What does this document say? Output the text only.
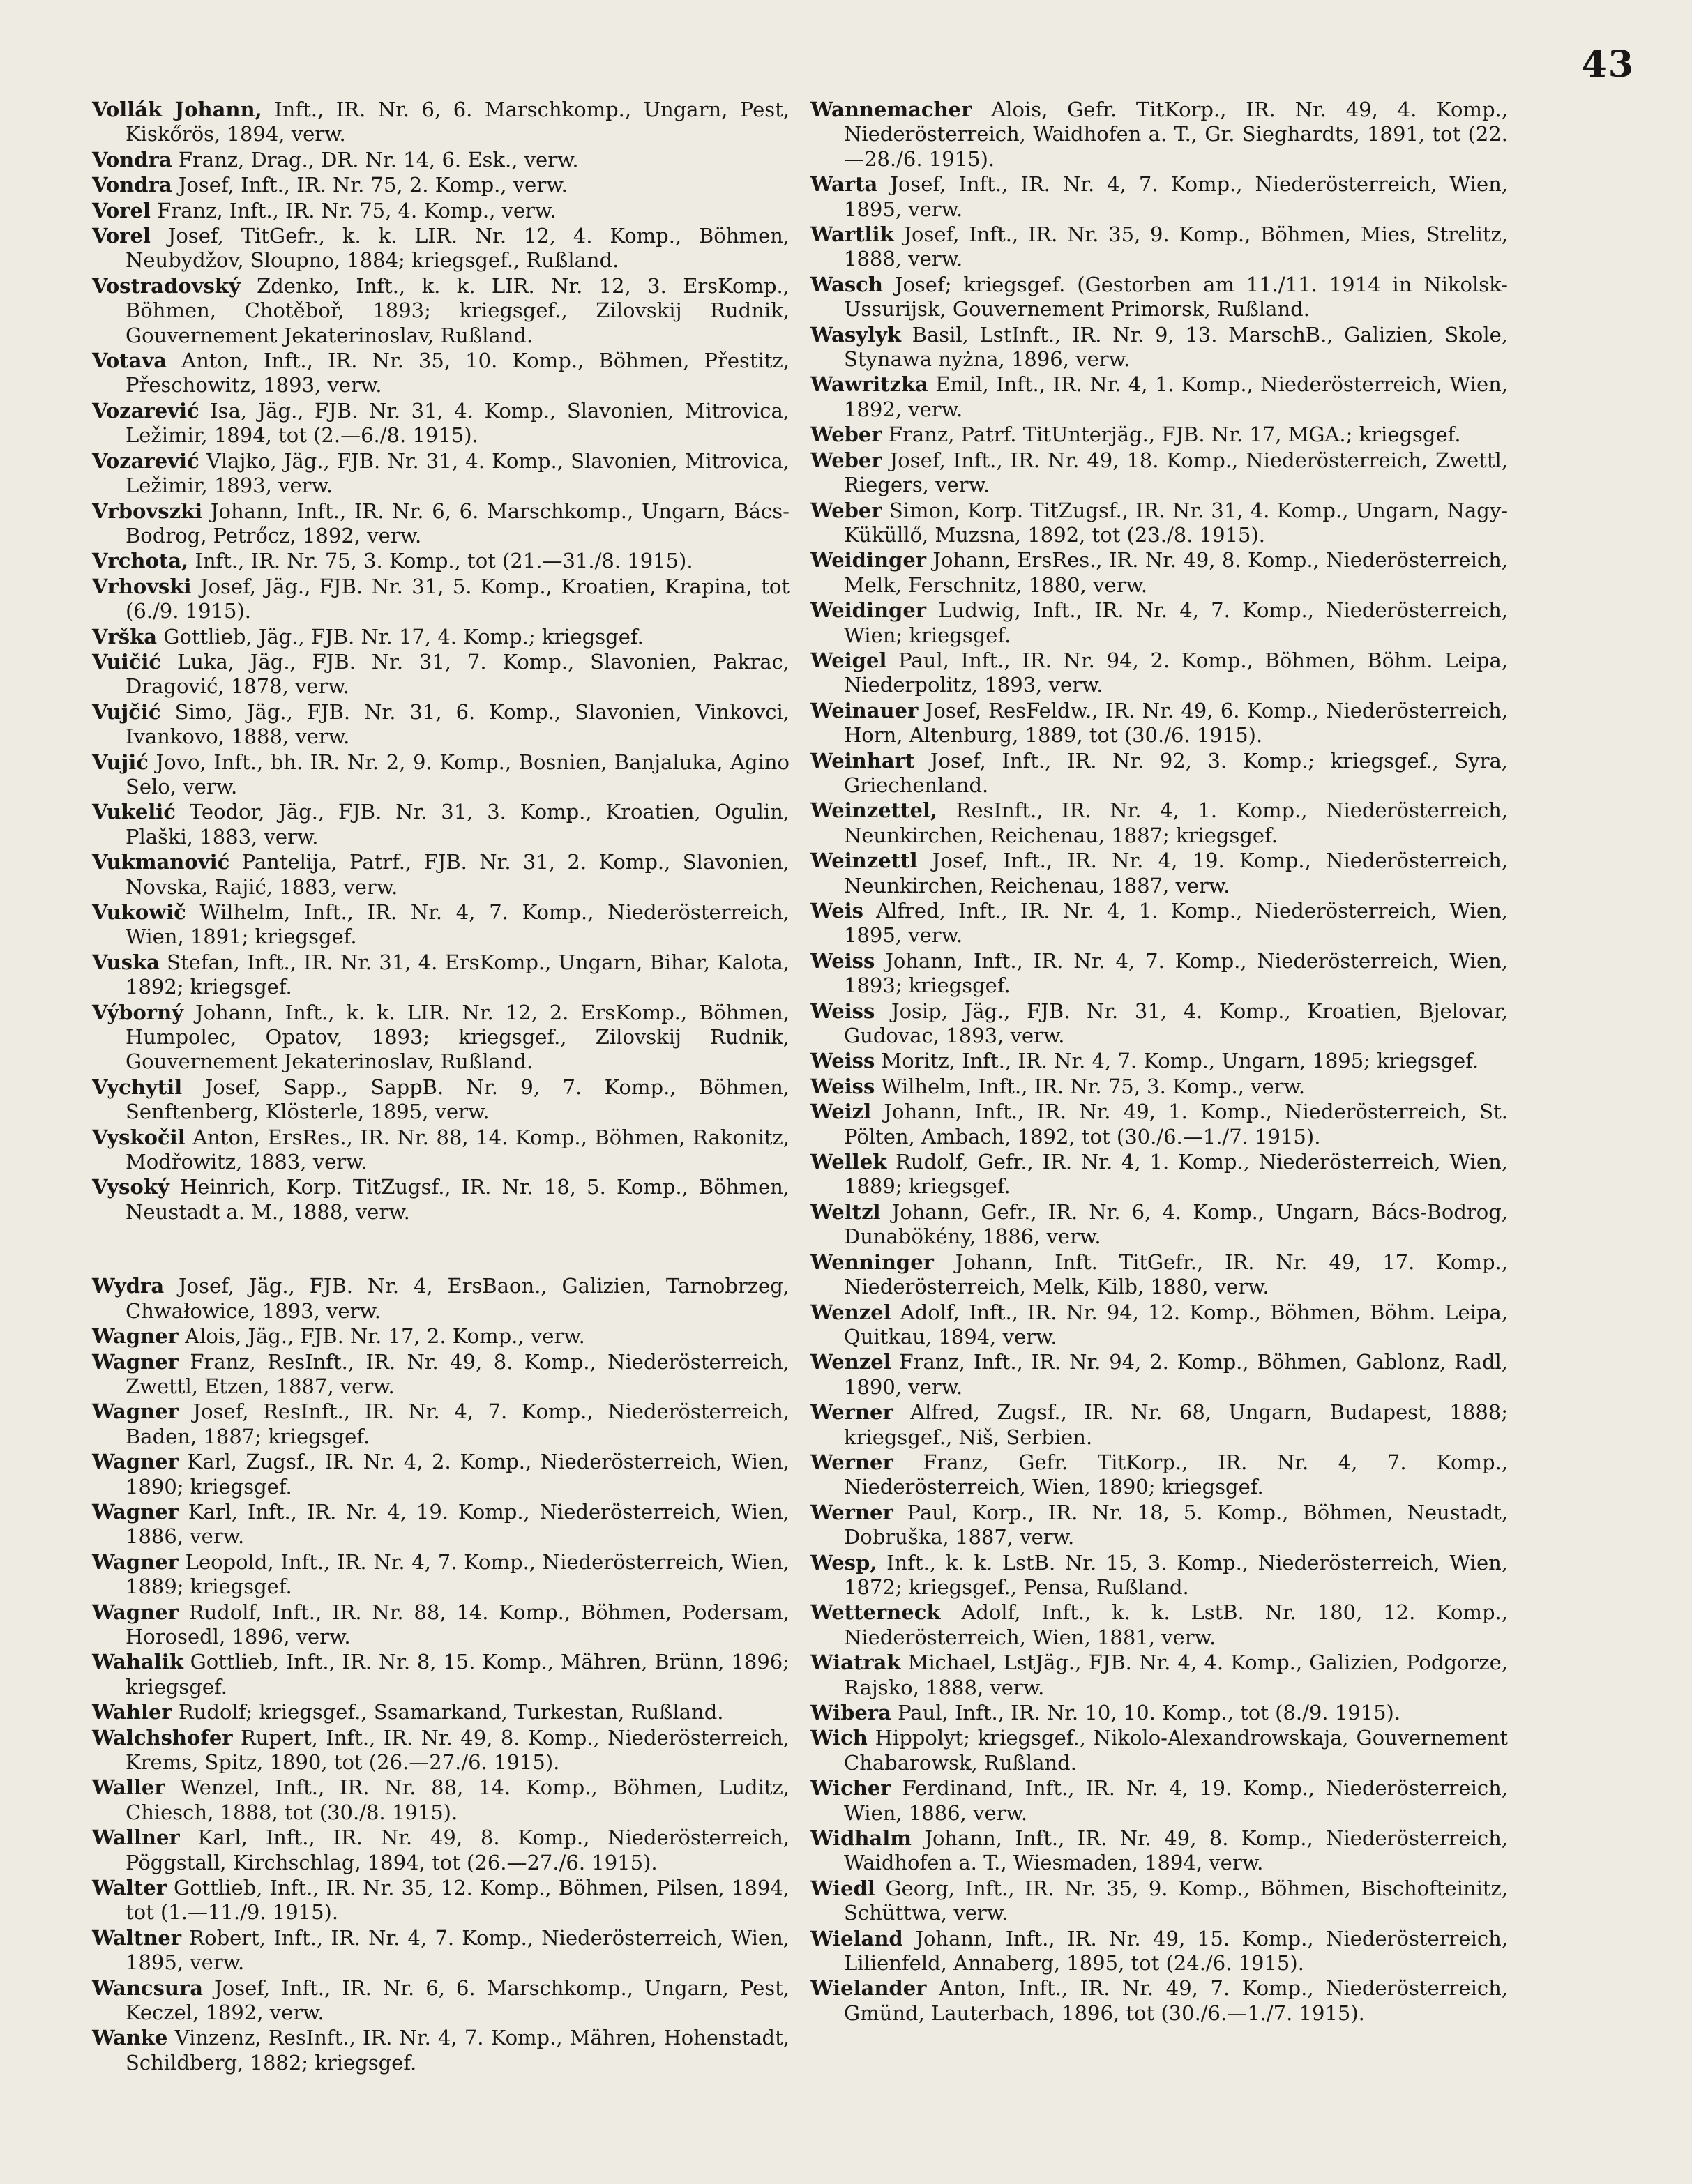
43

Vollák Johann, Inft., IR. Nr. 6, 6. Marschkomp., Ungarn, Pest, Kiskőrös, 1894, verw.

Vondra Franz, Drag., DR. Nr. 14, 6. Esk., verw.

Vondra Josef, Inft., IR. Nr. 75, 2. Komp., verw.

Vorel Franz, Inft., IR. Nr. 75, 4. Komp., verw.

Vorel Josef, TitGefr., k. k. LIR. Nr. 12, 4. Komp., Böhmen, Neubydžov, Sloupno, 1884; kriegsgef., Rußland.

Vostradovský Zdenko, Inft., k. k. LIR. Nr. 12, 3. ErsKomp., Böhmen, Chotěboř, 1893; kriegsgef., Zilovskij Rudnik, Gouvernement Jekaterinoslav, Rußland.

Votava Anton, Inft., IR. Nr. 35, 10. Komp., Böhmen, Přestitz, Přeschowitz, 1893, verw.

Vozarević Isa, Jäg., FJB. Nr. 31, 4. Komp., Slavonien, Mitrovica, Ležimir, 1894, tot (2.—6./8. 1915).

Vozarević Vlajko, Jäg., FJB. Nr. 31, 4. Komp., Slavonien, Mitrovica, Ležimir, 1893, verw.

Vrbovszki Johann, Inft., IR. Nr. 6, 6. Marschkomp., Ungarn, Bács-Bodrog, Petrőcz, 1892, verw.

Vrchota, Inft., IR. Nr. 75, 3. Komp., tot (21.—31./8. 1915).

Vrhovski Josef, Jäg., FJB. Nr. 31, 5. Komp., Kroatien, Krapina, tot (6./9. 1915).

Vrška Gottlieb, Jäg., FJB. Nr. 17, 4. Komp.; kriegsgef.

Vuičić Luka, Jäg., FJB. Nr. 31, 7. Komp., Slavonien, Pakrac, Dragović, 1878, verw.

Vujčić Simo, Jäg., FJB. Nr. 31, 6. Komp., Slavonien, Vinkovci, Ivankovo, 1888, verw.

Vujić Jovo, Inft., bh. IR. Nr. 2, 9. Komp., Bosnien, Banjaluka, Agino Selo, verw.

Vukelić Teodor, Jäg., FJB. Nr. 31, 3. Komp., Kroatien, Ogulin, Plaški, 1883, verw.

Vukmanović Pantelija, Patrf., FJB. Nr. 31, 2. Komp., Slavonien, Novska, Rajić, 1883, verw.

Vukowič Wilhelm, Inft., IR. Nr. 4, 7. Komp., Niederösterreich, Wien, 1891; kriegsgef.

Vuska Stefan, Inft., IR. Nr. 31, 4. ErsKomp., Ungarn, Bihar, Kalota, 1892; kriegsgef.

Výborný Johann, Inft., k. k. LIR. Nr. 12, 2. ErsKomp., Böhmen, Humpolec, Opatov, 1893; kriegsgef., Zilovskij Rudnik, Gouvernement Jekaterinoslav, Rußland.

Vychytil Josef, Sapp., SappB. Nr. 9, 7. Komp., Böhmen, Senftenberg, Klösterle, 1895, verw.

Vyskočil Anton, ErsRes., IR. Nr. 88, 14. Komp., Böhmen, Rakonitz, Modřowitz, 1883, verw.

Vysoký Heinrich, Korp. TitZugsf., IR. Nr. 18, 5. Komp., Böhmen, Neustadt a. M., 1888, verw.

Wydra Josef, Jäg., FJB. Nr. 4, ErsBaon., Galizien, Tarnobrzeg, Chwałowice, 1893, verw.

Wagner Alois, Jäg., FJB. Nr. 17, 2. Komp., verw.

Wagner Franz, ResInft., IR. Nr. 49, 8. Komp., Niederösterreich, Zwettl, Etzen, 1887, verw.

Wagner Josef, ResInft., IR. Nr. 4, 7. Komp., Niederösterreich, Baden, 1887; kriegsgef.

Wagner Karl, Zugsf., IR. Nr. 4, 2. Komp., Niederösterreich, Wien, 1890; kriegsgef.

Wagner Karl, Inft., IR. Nr. 4, 19. Komp., Niederösterreich, Wien, 1886, verw.

Wagner Leopold, Inft., IR. Nr. 4, 7. Komp., Niederösterreich, Wien, 1889; kriegsgef.

Wagner Rudolf, Inft., IR. Nr. 88, 14. Komp., Böhmen, Podersam, Horosedl, 1896, verw.

Wahalik Gottlieb, Inft., IR. Nr. 8, 15. Komp., Mähren, Brünn, 1896; kriegsgef.

Wahler Rudolf; kriegsgef., Ssamarkand, Turkestan, Rußland.

Walchshofer Rupert, Inft., IR. Nr. 49, 8. Komp., Niederösterreich, Krems, Spitz, 1890, tot (26.—27./6. 1915).

Waller Wenzel, Inft., IR. Nr. 88, 14. Komp., Böhmen, Luditz, Chiesch, 1888, tot (30./8. 1915).

Wallner Karl, Inft., IR. Nr. 49, 8. Komp., Niederösterreich, Pöggstall, Kirchschlag, 1894, tot (26.—27./6. 1915).

Walter Gottlieb, Inft., IR. Nr. 35, 12. Komp., Böhmen, Pilsen, 1894, tot (1.—11./9. 1915).

Waltner Robert, Inft., IR. Nr. 4, 7. Komp., Niederösterreich, Wien, 1895, verw.

Wancsura Josef, Inft., IR. Nr. 6, 6. Marschkomp., Ungarn, Pest, Keczel, 1892, verw.

Wanke Vinzenz, ResInft., IR. Nr. 4, 7. Komp., Mähren, Hohenstadt, Schildberg, 1882; kriegsgef.

Wannemacher Alois, Gefr. TitKorp., IR. Nr. 49, 4. Komp., Niederösterreich, Waidhofen a. T., Gr. Sieghardts, 1891, tot (22.—28./6. 1915).

Warta Josef, Inft., IR. Nr. 4, 7. Komp., Niederösterreich, Wien, 1895, verw.

Wartlik Josef, Inft., IR. Nr. 35, 9. Komp., Böhmen, Mies, Strelitz, 1888, verw.

Wasch Josef; kriegsgef. (Gestorben am 11./11. 1914 in Nikolsk-Ussurijsk, Gouvernement Primorsk, Rußland.

Wasylyk Basil, LstInft., IR. Nr. 9, 13. MarschB., Galizien, Skole, Stynawa nyżna, 1896, verw.

Wawritzka Emil, Inft., IR. Nr. 4, 1. Komp., Niederösterreich, Wien, 1892, verw.

Weber Franz, Patrf. TitUnterjäg., FJB. Nr. 17, MGA.; kriegsgef.

Weber Josef, Inft., IR. Nr. 49, 18. Komp., Niederösterreich, Zwettl, Riegers, verw.

Weber Simon, Korp. TitZugsf., IR. Nr. 31, 4. Komp., Ungarn, Nagy-Küküllő, Muzsna, 1892, tot (23./8. 1915).

Weidinger Johann, ErsRes., IR. Nr. 49, 8. Komp., Niederösterreich, Melk, Ferschnitz, 1880, verw.

Weidinger Ludwig, Inft., IR. Nr. 4, 7. Komp., Niederösterreich, Wien; kriegsgef.

Weigel Paul, Inft., IR. Nr. 94, 2. Komp., Böhmen, Böhm. Leipa, Niederpolitz, 1893, verw.

Weinauer Josef, ResFeldw., IR. Nr. 49, 6. Komp., Niederösterreich, Horn, Altenburg, 1889, tot (30./6. 1915).

Weinhart Josef, Inft., IR. Nr. 92, 3. Komp.; kriegsgef., Syra, Griechenland.

Weinzettel, ResInft., IR. Nr. 4, 1. Komp., Niederösterreich, Neunkirchen, Reichenau, 1887; kriegsgef.

Weinzettl Josef, Inft., IR. Nr. 4, 19. Komp., Niederösterreich, Neunkirchen, Reichenau, 1887, verw.

Weis Alfred, Inft., IR. Nr. 4, 1. Komp., Niederösterreich, Wien, 1895, verw.

Weiss Johann, Inft., IR. Nr. 4, 7. Komp., Niederösterreich, Wien, 1893; kriegsgef.

Weiss Josip, Jäg., FJB. Nr. 31, 4. Komp., Kroatien, Bjelovar, Gudovac, 1893, verw.

Weiss Moritz, Inft., IR. Nr. 4, 7. Komp., Ungarn, 1895; kriegsgef.

Weiss Wilhelm, Inft., IR. Nr. 75, 3. Komp., verw.

Weizl Johann, Inft., IR. Nr. 49, 1. Komp., Niederösterreich, St. Pölten, Ambach, 1892, tot (30./6.—1./7. 1915).

Wellek Rudolf, Gefr., IR. Nr. 4, 1. Komp., Niederösterreich, Wien, 1889; kriegsgef.

Weltzl Johann, Gefr., IR. Nr. 6, 4. Komp., Ungarn, Bács-Bodrog, Dunabökény, 1886, verw.

Wenninger Johann, Inft. TitGefr., IR. Nr. 49, 17. Komp., Niederösterreich, Melk, Kilb, 1880, verw.

Wenzel Adolf, Inft., IR. Nr. 94, 12. Komp., Böhmen, Böhm. Leipa, Quitkau, 1894, verw.

Wenzel Franz, Inft., IR. Nr. 94, 2. Komp., Böhmen, Gablonz, Radl, 1890, verw.

Werner Alfred, Zugsf., IR. Nr. 68, Ungarn, Budapest, 1888; kriegsgef., Niš, Serbien.

Werner Franz, Gefr. TitKorp., IR. Nr. 4, 7. Komp., Niederösterreich, Wien, 1890; kriegsgef.

Werner Paul, Korp., IR. Nr. 18, 5. Komp., Böhmen, Neustadt, Dobruška, 1887, verw.

Wesp, Inft., k. k. LstB. Nr. 15, 3. Komp., Niederösterreich, Wien, 1872; kriegsgef., Pensa, Rußland.

Wetterneck Adolf, Inft., k. k. LstB. Nr. 180, 12. Komp., Niederösterreich, Wien, 1881, verw.

Wiatrak Michael, LstJäg., FJB. Nr. 4, 4. Komp., Galizien, Podgorze, Rajsko, 1888, verw.

Wibera Paul, Inft., IR. Nr. 10, 10. Komp., tot (8./9. 1915).

Wich Hippolyt; kriegsgef., Nikolo-Alexandrowskaja, Gouvernement Chabarowsk, Rußland.

Wicher Ferdinand, Inft., IR. Nr. 4, 19. Komp., Niederösterreich, Wien, 1886, verw.

Widhalm Johann, Inft., IR. Nr. 49, 8. Komp., Niederösterreich, Waidhofen a. T., Wiesmaden, 1894, verw.

Wiedl Georg, Inft., IR. Nr. 35, 9. Komp., Böhmen, Bischofteinitz, Schüttwa, verw.

Wieland Johann, Inft., IR. Nr. 49, 15. Komp., Niederösterreich, Lilienfeld, Annaberg, 1895, tot (24./6. 1915).

Wielander Anton, Inft., IR. Nr. 49, 7. Komp., Niederösterreich, Gmünd, Lauterbach, 1896, tot (30./6.—1./7. 1915).
